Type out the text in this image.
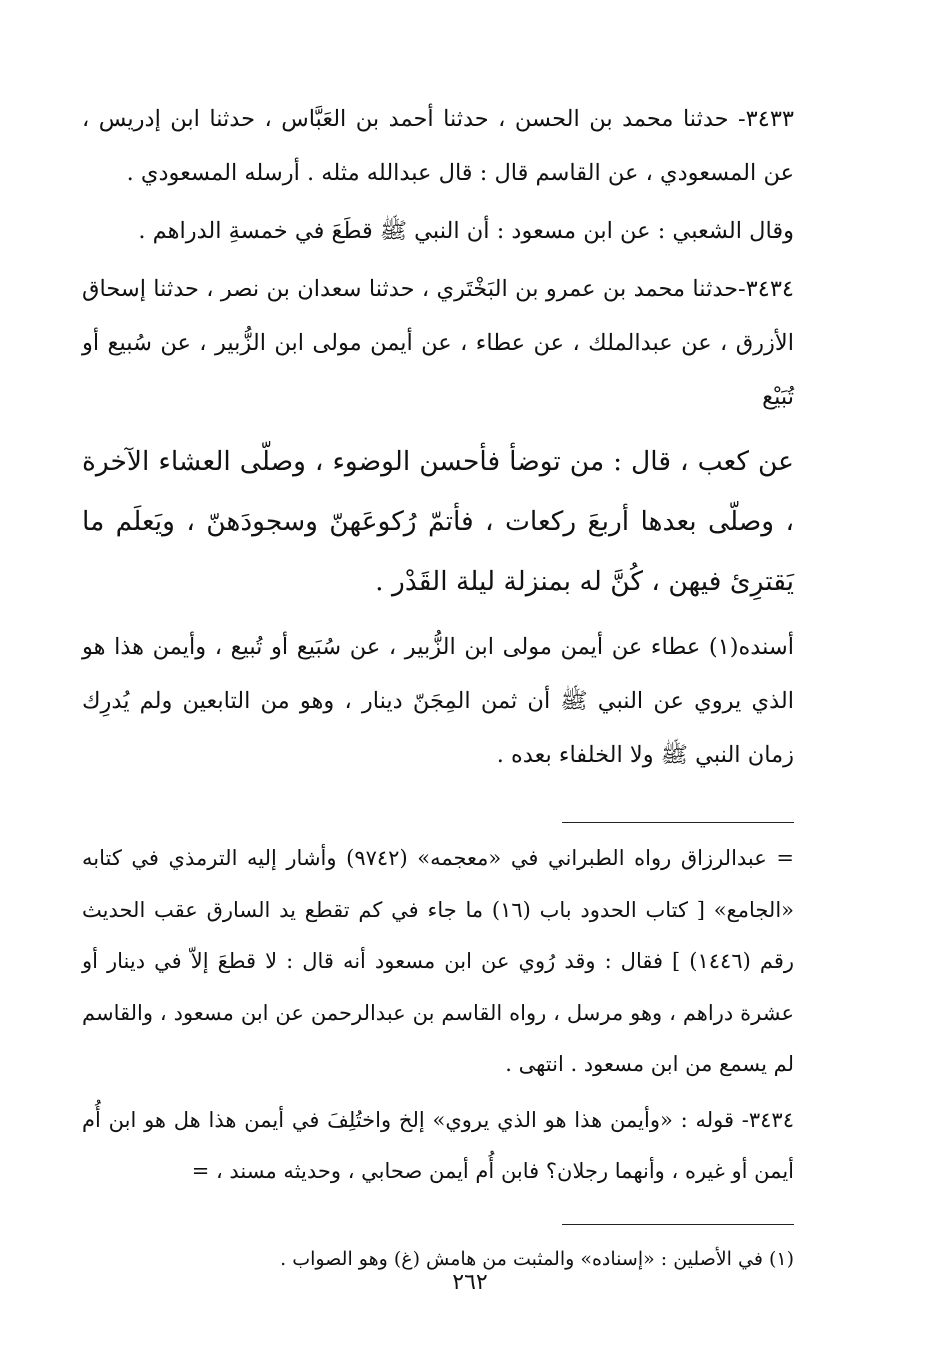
٣٤٣٣- حدثنا محمد بن الحسن ، حدثنا أحمد بن العَبَّاس ، حدثنا ابن إدريس ، عن المسعودي ، عن القاسم قال : قال عبدالله مثله . أرسله المسعودي .

وقال الشعبي : عن ابن مسعود : أن النبي ﷺ قطَعَ في خمسةِ الدراهم .

٣٤٣٤-حدثنا محمد بن عمرو بن البَخْتَري ، حدثنا سعدان بن نصر ، حدثنا إسحاق الأزرق ، عن عبدالملك ، عن عطاء ، عن أيمن مولى ابن الزُّبير ، عن سُبيع أو تُبَيْع

عن كعب ، قال : من توضأ فأحسن الوضوء ، وصلّى العشاء الآخرة ، وصلّى بعدها أربعَ ركعات ، فأتمّ رُكوعَهنّ وسجودَهنّ ، ويَعلَم ما يَقترِئ فيهن ، كُنَّ له بمنزلة ليلة القَدْر .

أسنده(١) عطاء عن أيمن مولى ابن الزُّبير ، عن سُبَيع أو تُبيع ، وأيمن هذا هو الذي يروي عن النبي ﷺ أن ثمن المِجَنّ دينار ، وهو من التابعين ولم يُدرِك زمان النبي ﷺ ولا الخلفاء بعده .

= عبدالرزاق رواه الطبراني في «معجمه» (٩٧٤٢) وأشار إليه الترمذي في كتابه «الجامع» [ كتاب الحدود باب (١٦) ما جاء في كم تقطع يد السارق عقب الحديث رقم (١٤٤٦) ] فقال : وقد رُوي عن ابن مسعود أنه قال : لا قطعَ إلاّ في دينار أو عشرة دراهم ، وهو مرسل ، رواه القاسم بن عبدالرحمن عن ابن مسعود ، والقاسم لم يسمع من ابن مسعود . انتهى .

٣٤٣٤- قوله : «وأيمن هذا هو الذي يروي» إلخ واختُلِفَ في أيمن هذا هل هو ابن أُم أيمن أو غيره ، وأنهما رجلان؟ فابن أُم أيمن صحابي ، وحديثه مسند ، =

(١) في الأصلين : «إسناده» والمثبت من هامش (غ) وهو الصواب .

٢٦٢
